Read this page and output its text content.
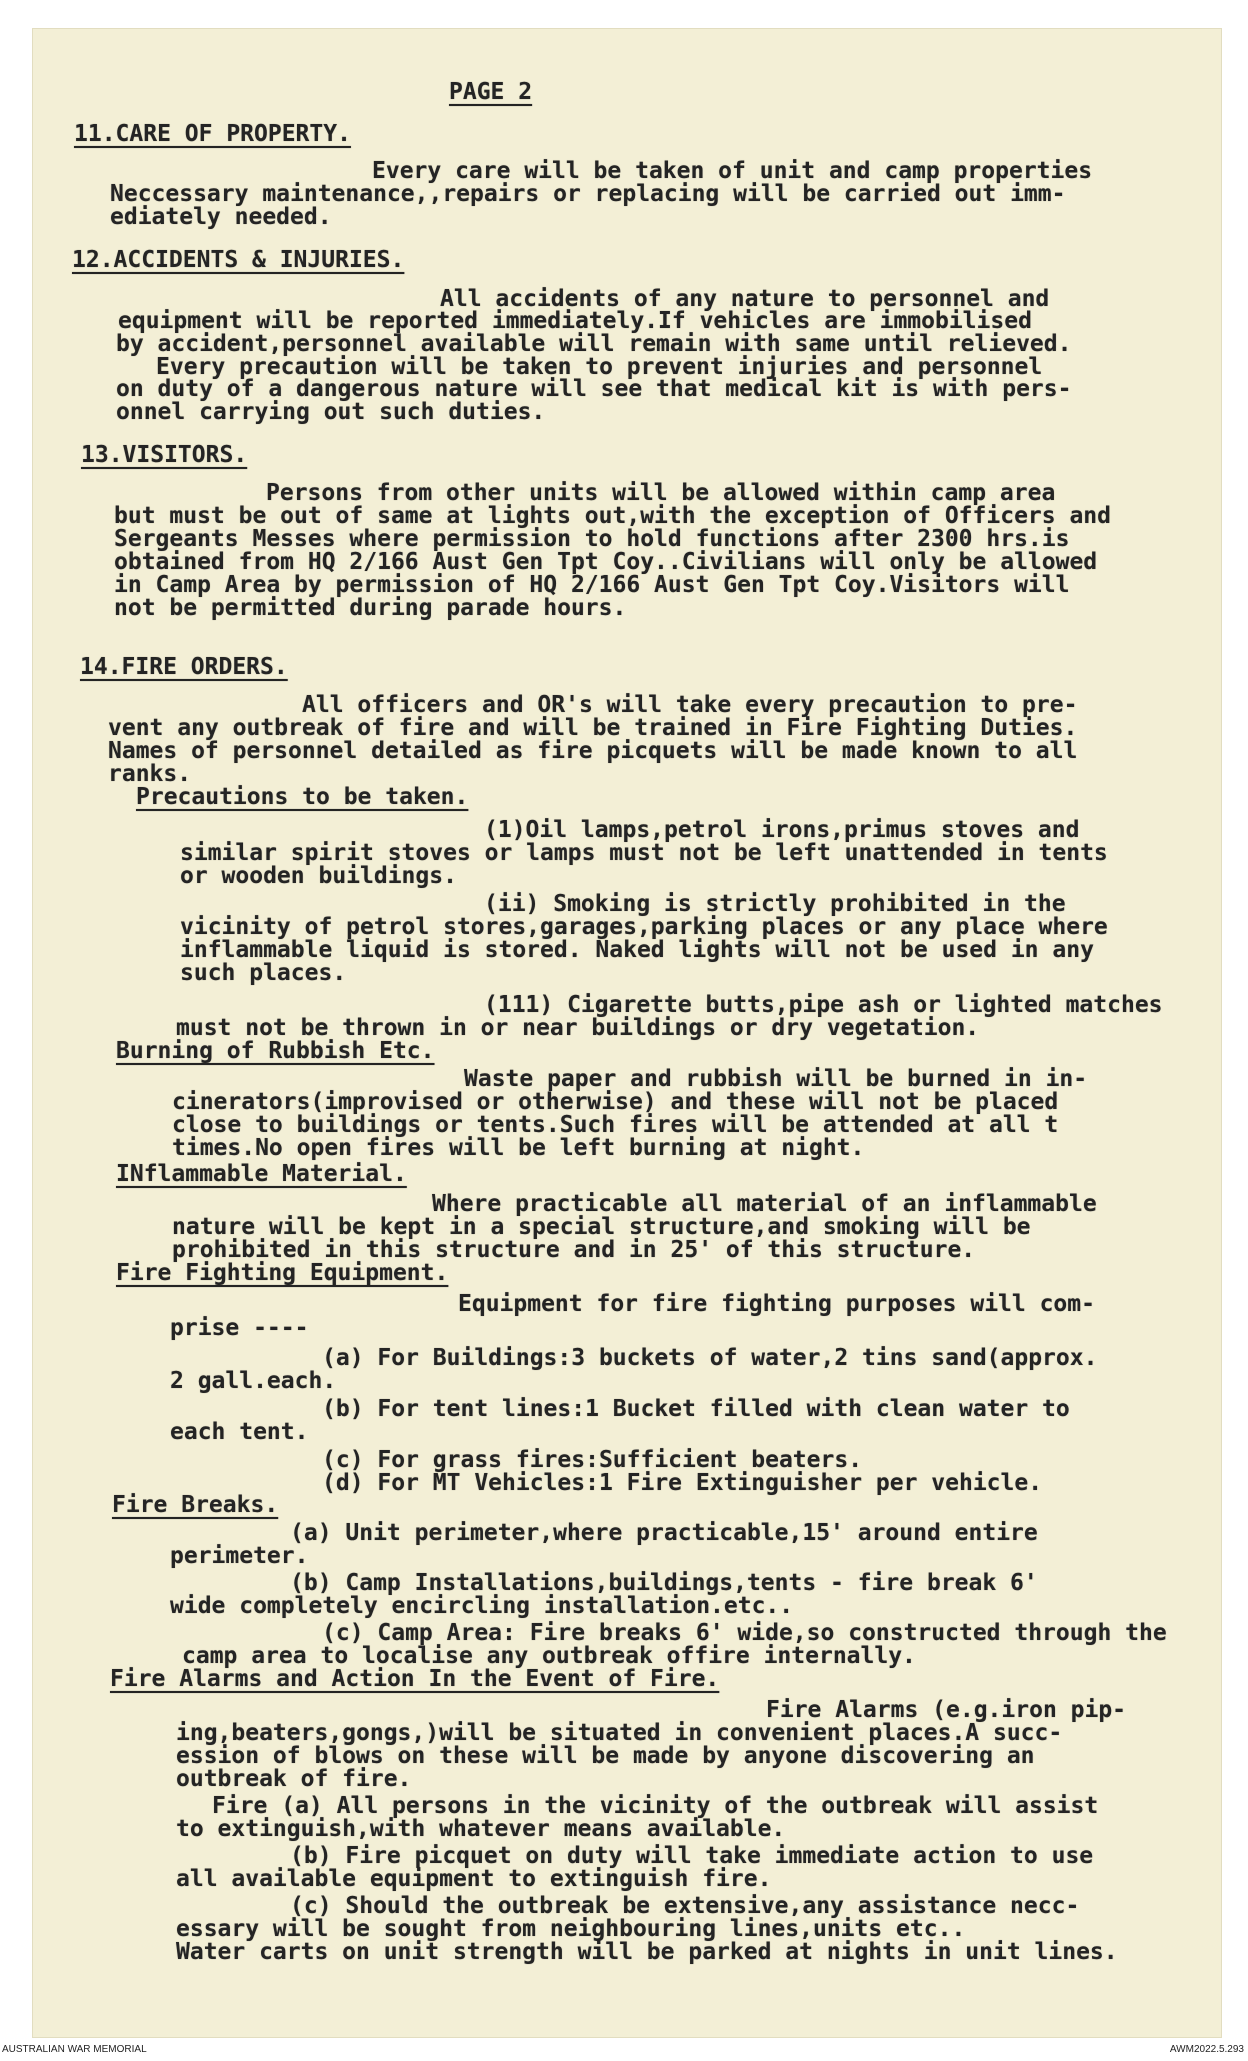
PAGE 2
11.CARE OF PROPERTY.
Every care will be taken of unit and camp properties
Neccessary maintenance,,repairs or replacing will be carried out imm-
ediately needed.
12.ACCIDENTS & INJURIES.
All accidents of any nature to personnel and
equipment will be reported immediately.If vehicles are immobilised
by accident,personnel available will remain with same until relieved.
Every precaution will be taken to prevent injuries and personnel
on duty of a dangerous nature will see that medical kit is with pers-
onnel carrying out such duties.
13.VISITORS.
Persons from other units will be allowed within camp area
but must be out of same at lights out,with the exception of Officers and
Sergeants Messes where permission to hold functions after 2300 hrs.is
obtained from HQ 2/166 Aust Gen Tpt Coy..Civilians will only be allowed
in Camp Area by permission of HQ 2/166 Aust Gen Tpt Coy.Visitors will
not be permitted during parade hours.
14.FIRE ORDERS.
All officers and OR's will take every precaution to pre-
vent any outbreak of fire and will be trained in Fire Fighting Duties.
Names of personnel detailed as fire picquets will be made known to all
ranks.
Precautions to be taken.
(1)Oil lamps,petrol irons,primus stoves and
similar spirit stoves or lamps must not be left unattended in tents
or wooden buildings.
(ii) Smoking is strictly prohibited in the
vicinity of petrol stores,garages,parking places or any place where
inflammable liquid is stored. Naked lights will not be used in any
such places.
(111) Cigarette butts,pipe ash or lighted matches
must not be thrown in or near buildings or dry vegetation.
Burning of Rubbish Etc.
Waste paper and rubbish will be burned in in-
cinerators(improvised or otherwise) and these will not be placed
close to buildings or tents.Such fires will be attended at all t
times.No open fires will be left burning at night.
INflammable Material.
Where practicable all material of an inflammable
nature will be kept in a special structure,and smoking will be
prohibited in this structure and in 25' of this structure.
Fire Fighting Equipment.
Equipment for fire fighting purposes will com-
prise ----
(a) For Buildings:3 buckets of water,2 tins sand(approx.
2 gall.each.
(b) For tent lines:1 Bucket filled with clean water to
each tent.
(c) For grass fires:Sufficient beaters.
(d) For MT Vehicles:1 Fire Extinguisher per vehicle.
Fire Breaks.
(a) Unit perimeter,where practicable,15' around entire
perimeter.
(b) Camp Installations,buildings,tents - fire break 6'
wide completely encircling installation.etc..
(c) Camp Area: Fire breaks 6' wide,so constructed through the
camp area to localise any outbreak offire internally.
Fire Alarms and Action In the Event of Fire.
Fire Alarms (e.g.iron pip-
ing,beaters,gongs,)will be situated in convenient places.A succ-
ession of blows on these will be made by anyone discovering an
outbreak of fire.
Fire (a) All persons in the vicinity of the outbreak will assist
to extinguish,with whatever means available.
(b) Fire picquet on duty will take immediate action to use
all available equipment to extinguish fire.
(c) Should the outbreak be extensive,any assistance necc-
essary will be sought from neighbouring lines,units etc..
Water carts on unit strength will be parked at nights in unit lines.
AUSTRALIAN WAR MEMORIAL	AWM2022.5.293
